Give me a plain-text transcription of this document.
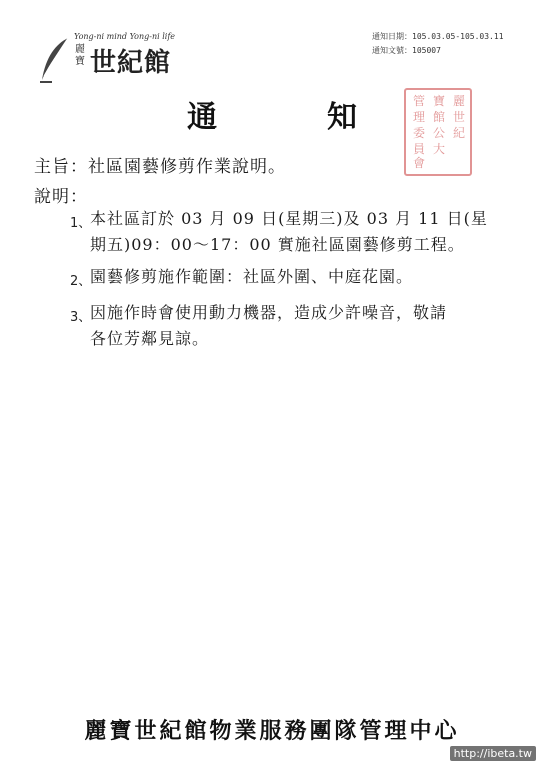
Yong-ni mind Yong-ni life
麗寶 世紀館
通知日期：105.03.05-105.03.11
通知文號：105007
麗
世
紀
寶
館
公
大
管
理
委
員
會
通　知
主旨：社區園藝修剪作業說明。
說明：
1、
本社區訂於 03 月 09 日(星期三)及 03 月 11 日(星
期五)09：00～17：00 實施社區園藝修剪工程。
2、
園藝修剪施作範圍：社區外圍、中庭花園。
3、
因施作時會使用動力機器，造成少許噪音，敬請
各位芳鄰見諒。
麗寶世紀館物業服務團隊管理中心
http://ibeta.tw
